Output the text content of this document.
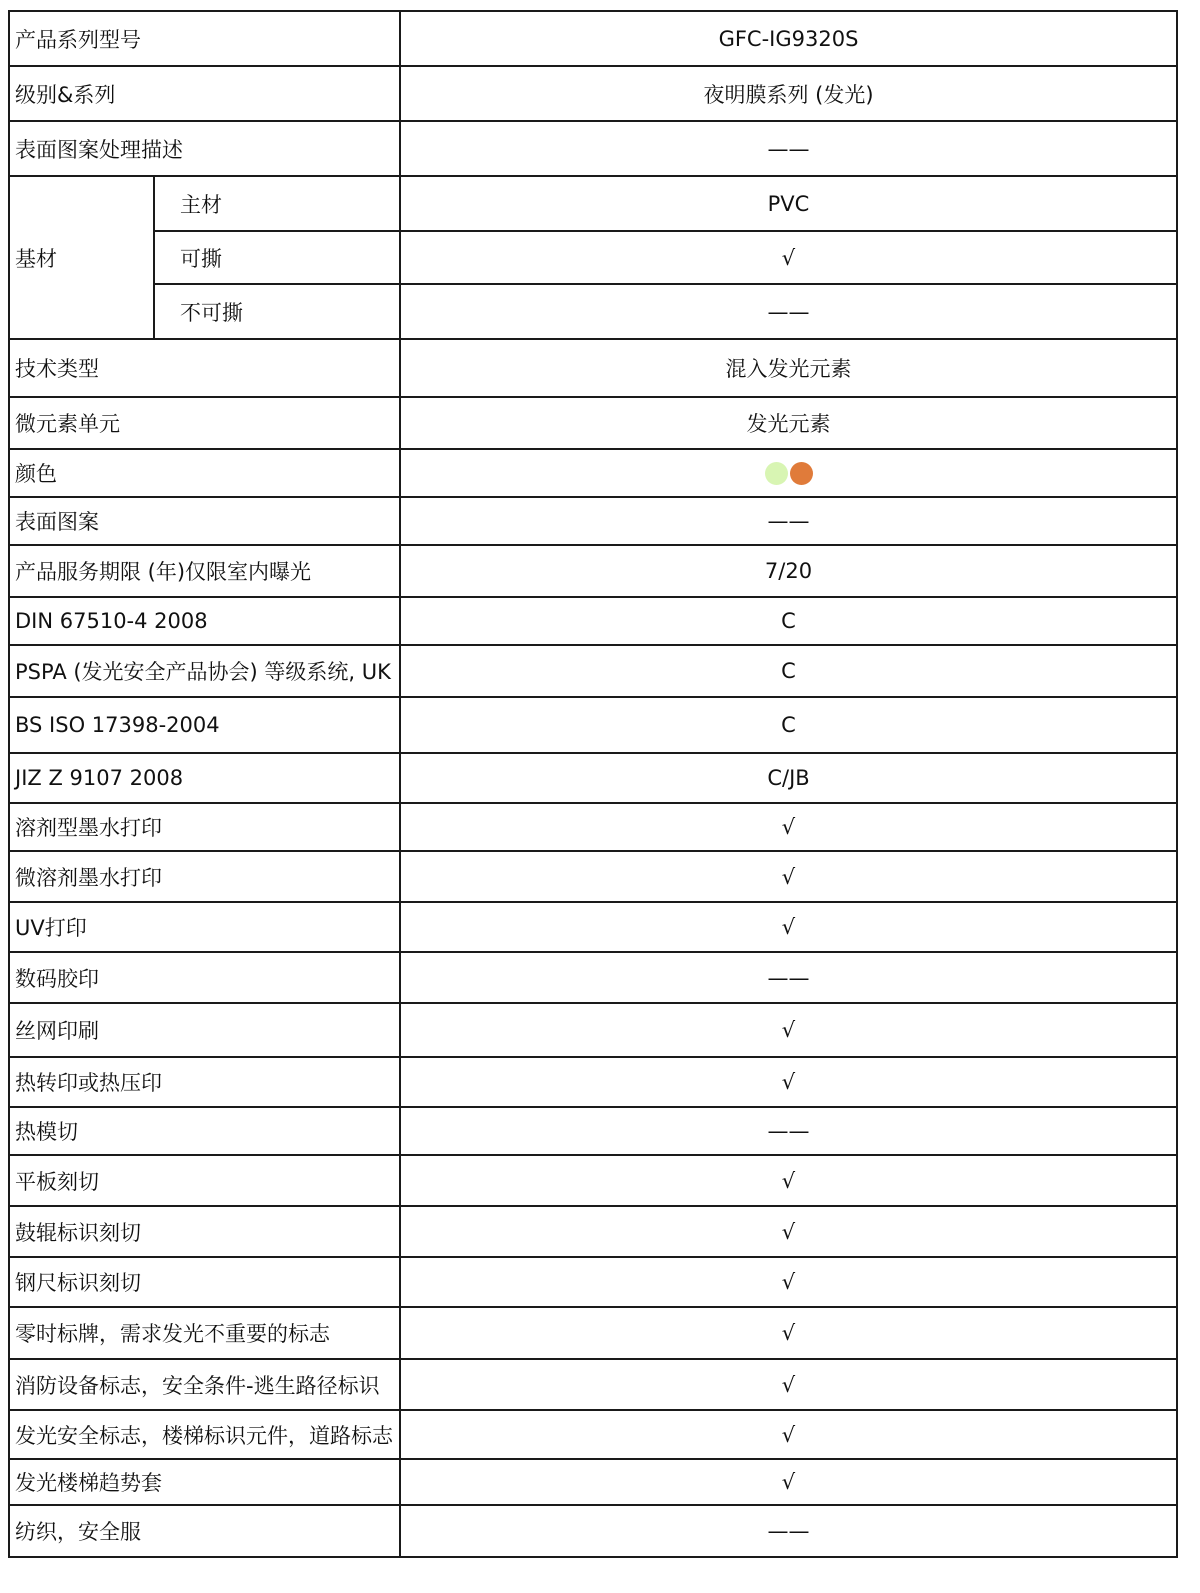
产品系列型号		GFC-IG9320S
级别&系列		夜明膜系列 (发光)
表面图案处理描述		——
基材	主材	PVC
	可撕	√
	不可撕	——
技术类型		混入发光元素
微元素单元		发光元素
颜色		
表面图案		——
产品服务期限 (年)仅限室内曝光		7/20
DIN 67510-4 2008		C
PSPA (发光安全产品协会) 等级系统, UK		C
BS ISO 17398-2004		C
JIZ Z 9107 2008		C/JB
溶剂型墨水打印		√
微溶剂墨水打印		√
UV打印		√
数码胶印		——
丝网印刷		√
热转印或热压印		√
热模切		——
平板刻切		√
鼓辊标识刻切		√
钢尺标识刻切		√
零时标牌，需求发光不重要的标志		√
消防设备标志，安全条件-逃生路径标识		√
发光安全标志，楼梯标识元件，道路标志		√
发光楼梯趋势套		√
纺织，安全服		——
